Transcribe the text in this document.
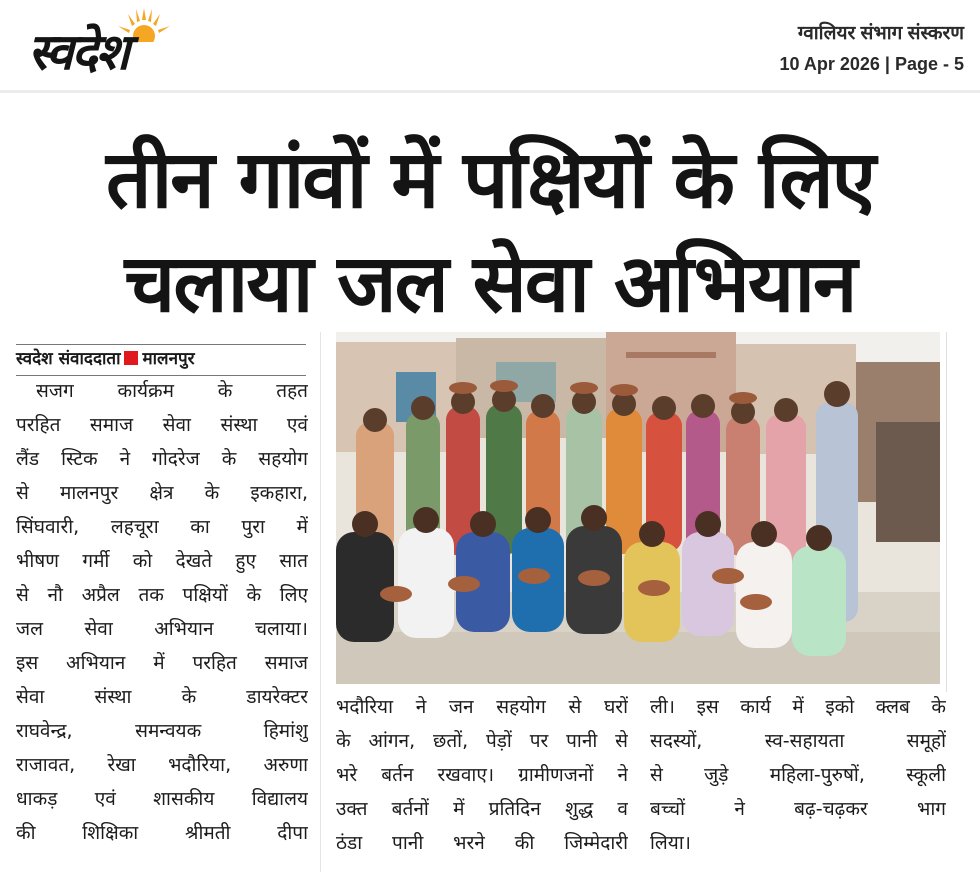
स्वदेश	ग्वालियर संभाग संस्करण
10 Apr 2026 | Page - 5
तीन गांवों में पक्षियों के लिए
चलाया जल सेवा अभियान
स्वदेश संवाददाता मालनपुर
सजग कार्यक्रम के तहत
परहित समाज सेवा संस्था एवं
लैंड स्टिक ने गोदरेज के सहयोग
से मालनपुर क्षेत्र के इकहारा,
सिंघवारी, लहचूरा का पुरा में
भीषण गर्मी को देखते हुए सात
से नौ अप्रैल तक पक्षियों के लिए
जल सेवा अभियान चलाया।
इस अभियान में परहित समाज
सेवा संस्था के डायरेक्टर
राघवेन्द्र, समन्वयक हिमांशु
राजावत, रेखा भदौरिया, अरुणा
धाकड़ एवं शासकीय विद्यालय
की शिक्षिका श्रीमती दीपा
भदौरिया ने जन सहयोग से घरों
के आंगन, छतों, पेड़ों पर पानी से
भरे बर्तन रखवाए। ग्रामीणजनों ने
उक्त बर्तनों में प्रतिदिन शुद्ध व
ठंडा पानी भरने की जिम्मेदारी
ली। इस कार्य में इको क्लब के
सदस्यों, स्व-सहायता समूहों
से जुड़े महिला-पुरुषों, स्कूली
बच्चों ने बढ़-चढ़कर भाग
लिया।
